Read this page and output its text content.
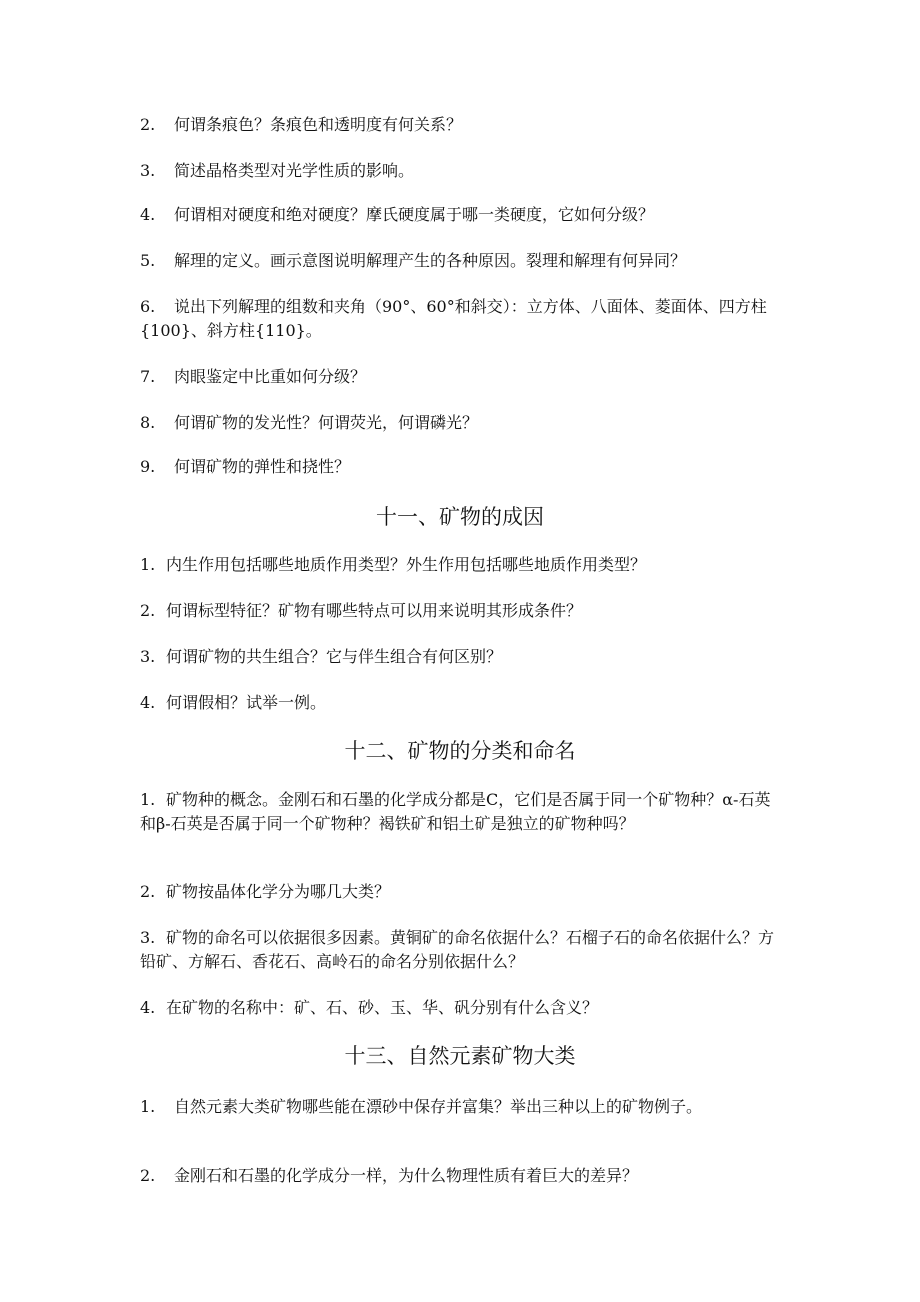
2. 何谓条痕色？条痕色和透明度有何关系？

3. 简述晶格类型对光学性质的影响。

4. 何谓相对硬度和绝对硬度？摩氏硬度属于哪一类硬度，它如何分级？

5. 解理的定义。画示意图说明解理产生的各种原因。裂理和解理有何异同？

6. 说出下列解理的组数和夹角（90°、60°和斜交）：立方体、八面体、菱面体、四方柱{100}、斜方柱{110}。

7. 肉眼鉴定中比重如何分级？

8. 何谓矿物的发光性？何谓荧光，何谓磷光？

9. 何谓矿物的弹性和挠性？

十一、矿物的成因

1. 内生作用包括哪些地质作用类型？外生作用包括哪些地质作用类型？

2. 何谓标型特征？矿物有哪些特点可以用来说明其形成条件？

3. 何谓矿物的共生组合？它与伴生组合有何区别？

4. 何谓假相？试举一例。

十二、矿物的分类和命名

1. 矿物种的概念。金刚石和石墨的化学成分都是C，它们是否属于同一个矿物种？α-石英和β-石英是否属于同一个矿物种？褐铁矿和铝土矿是独立的矿物种吗？

2. 矿物按晶体化学分为哪几大类？

3. 矿物的命名可以依据很多因素。黄铜矿的命名依据什么？石榴子石的命名依据什么？方铅矿、方解石、香花石、高岭石的命名分别依据什么？

4. 在矿物的名称中：矿、石、砂、玉、华、矾分别有什么含义？

十三、自然元素矿物大类

1. 自然元素大类矿物哪些能在漂砂中保存并富集？举出三种以上的矿物例子。

2. 金刚石和石墨的化学成分一样，为什么物理性质有着巨大的差异？
